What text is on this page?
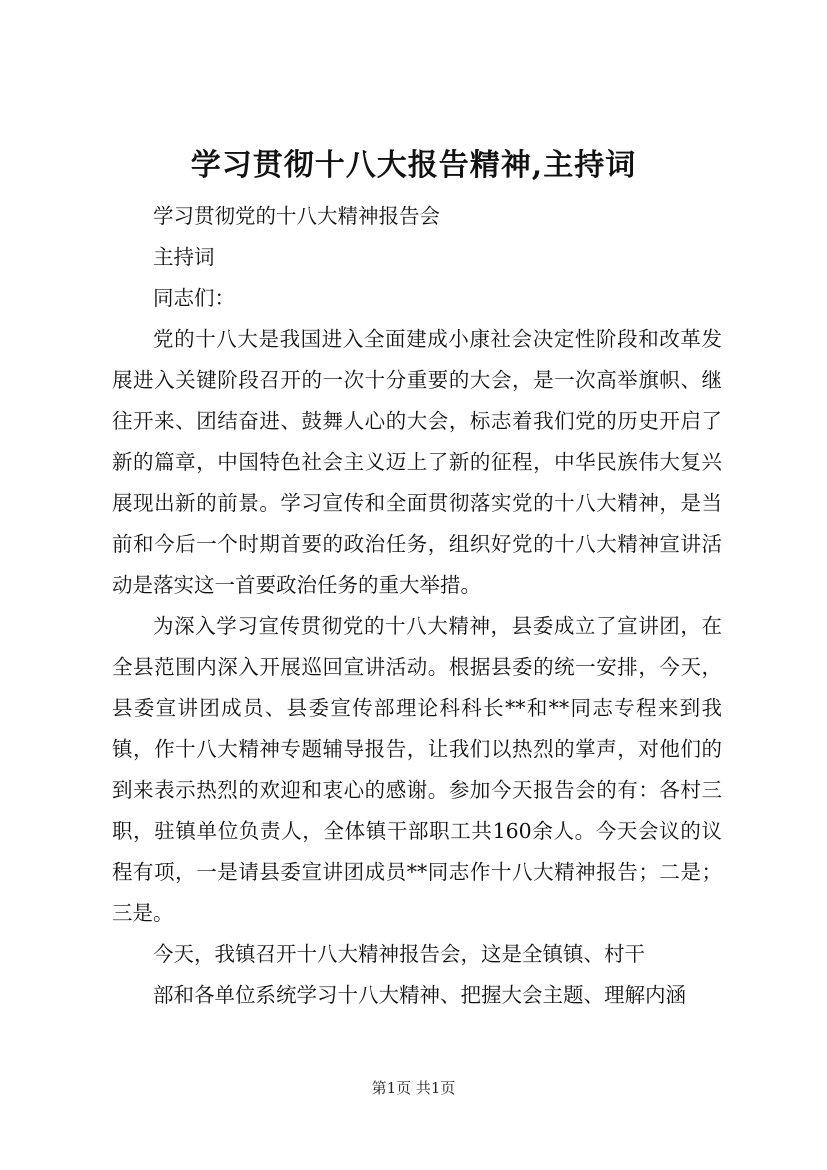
学习贯彻十八大报告精神,主持词

学习贯彻党的十八大精神报告会

主持词

同志们：

党的十八大是我国进入全面建成小康社会决定性阶段和改革发展进入关键阶段召开的一次十分重要的大会，是一次高举旗帜、继往开来、团结奋进、鼓舞人心的大会，标志着我们党的历史开启了新的篇章，中国特色社会主义迈上了新的征程，中华民族伟大复兴展现出新的前景。学习宣传和全面贯彻落实党的十八大精神，是当前和今后一个时期首要的政治任务，组织好党的十八大精神宣讲活动是落实这一首要政治任务的重大举措。

为深入学习宣传贯彻党的十八大精神，县委成立了宣讲团，在全县范围内深入开展巡回宣讲活动。根据县委的统一安排，今天，县委宣讲团成员、县委宣传部理论科科长**和**同志专程来到我镇，作十八大精神专题辅导报告，让我们以热烈的掌声，对他们的到来表示热烈的欢迎和衷心的感谢。参加今天报告会的有：各村三职，驻镇单位负责人，全体镇干部职工共160余人。今天会议的议程有项，一是请县委宣讲团成员**同志作十八大精神报告；二是；三是。

今天，我镇召开十八大精神报告会，这是全镇镇、村干

部和各单位系统学习十八大精神、把握大会主题、理解内涵

第1页 共1页
